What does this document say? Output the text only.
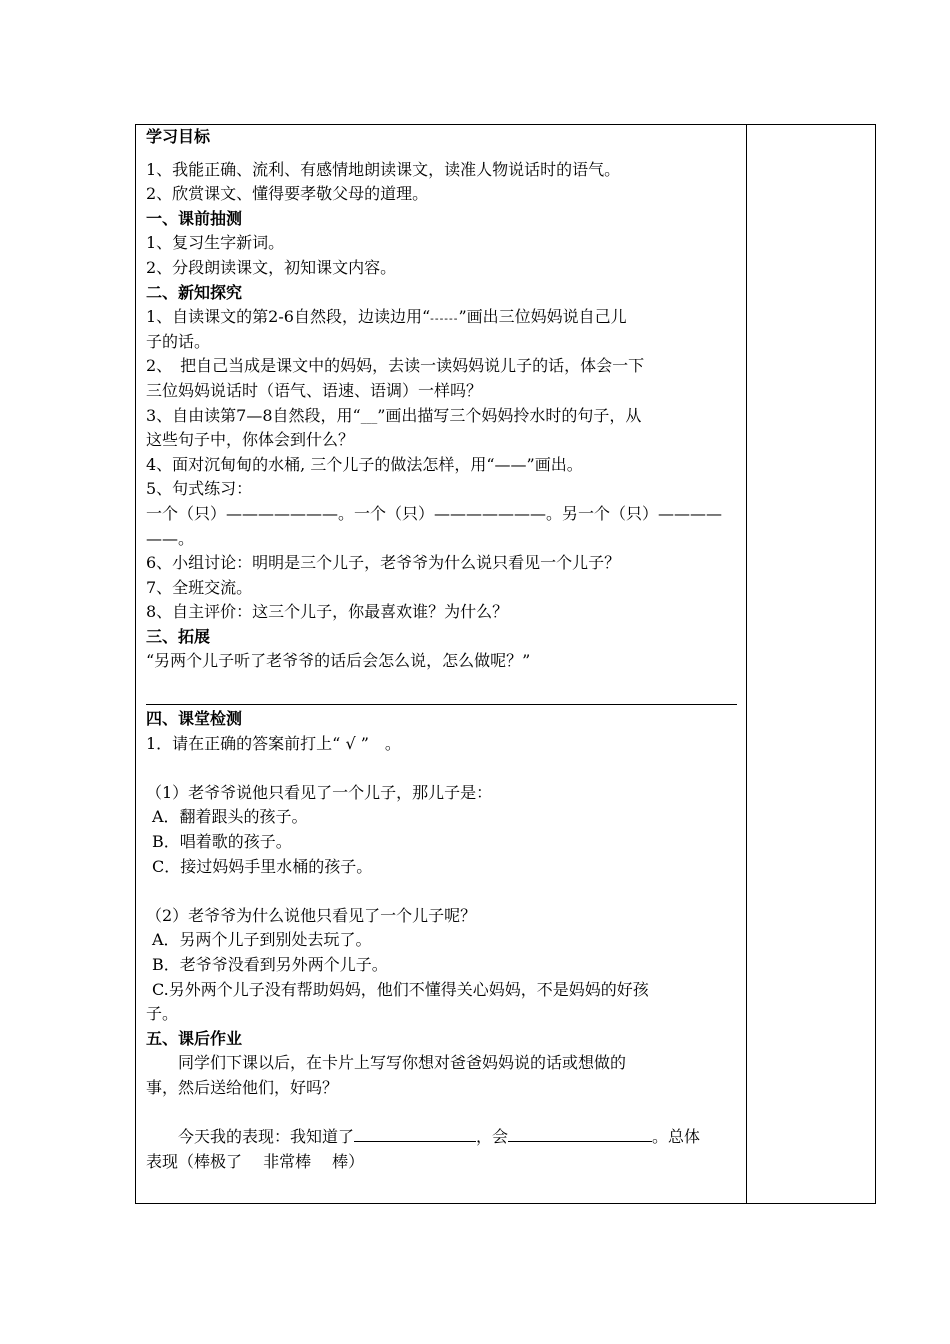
学习目标
1、我能正确、流利、有感情地朗读课文，读准人物说话时的语气。
2、欣赏课文、懂得要孝敬父母的道理。
一、课前抽测
1、复习生字新词。
2、分段朗读课文，初知课文内容。
二、新知探究
1、自读课文的第2-6自然段，边读边用“------”画出三位妈妈说自己儿
子的话。
2、　把自己当成是课文中的妈妈，去读一读妈妈说儿子的话，体会一下
三位妈妈说话时（语气、语速、语调）一样吗？
3、自由读第7—8自然段，用“___”画出描写三个妈妈拎水时的句子，从
这些句子中，你体会到什么？
4、面对沉甸甸的水桶, 三个儿子的做法怎样，用“——”画出。
5、句式练习：
一个（只）———————。一个（只）———————。另一个（只）————
——。
6、小组讨论：明明是三个儿子，老爷爷为什么说只看见一个儿子？
7、全班交流。
8、自主评价：这三个儿子，你最喜欢谁？为什么？
三、拓展
“另两个儿子听了老爷爷的话后会怎么说，怎么做呢？”
四、课堂检测
1．请在正确的答案前打上“ √ ”　。
（1）老爷爷说他只看见了一个儿子，那儿子是：
A．翻着跟头的孩子。
B．唱着歌的孩子。
C．接过妈妈手里水桶的孩子。
（2）老爷爷为什么说他只看见了一个儿子呢？
A．另两个儿子到别处去玩了。
B．老爷爷没看到另外两个儿子。
C.另外两个儿子没有帮助妈妈，他们不懂得关心妈妈，不是妈妈的好孩
子。
五、课后作业
同学们下课以后，在卡片上写写你想对爸爸妈妈说的话或想做的
事，然后送给他们，好吗？
今天我的表现：我知道了	，会	。总体
表现（棒极了　 非常棒　 棒）
